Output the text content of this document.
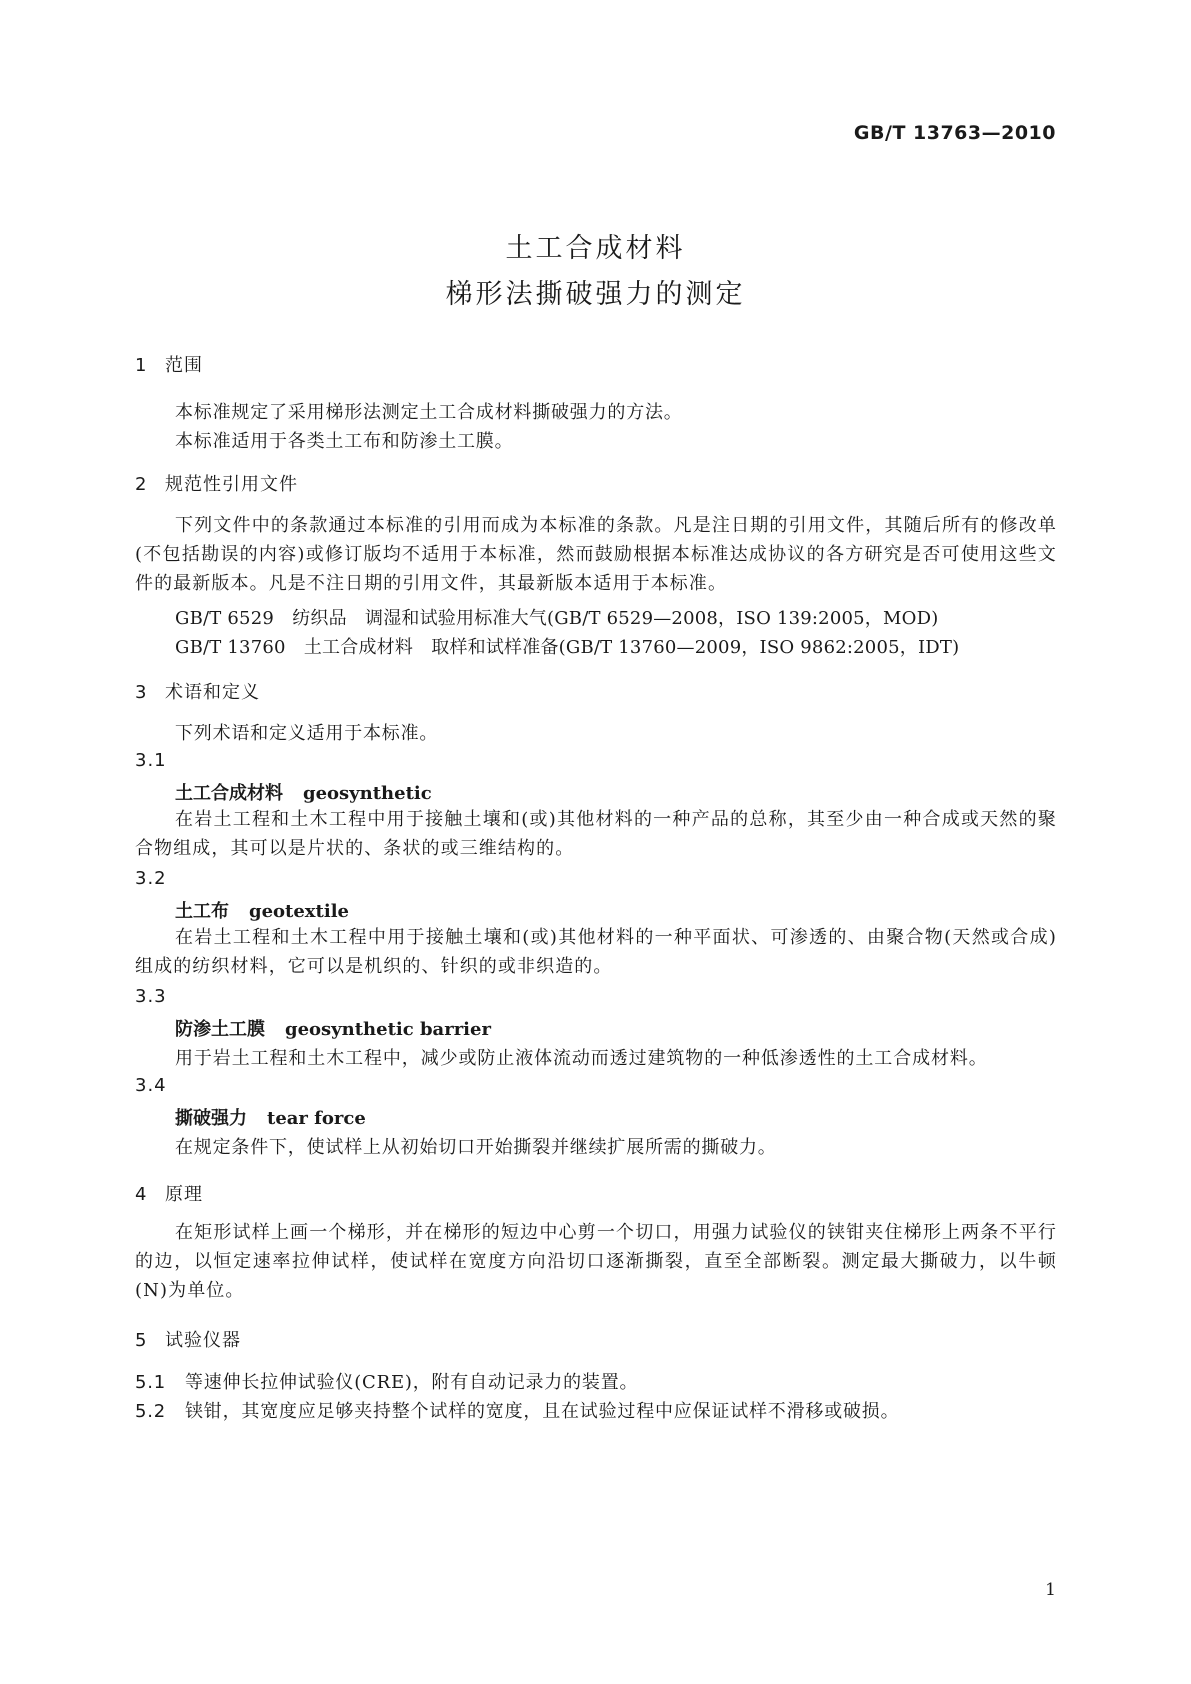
GB/T 13763—2010
土工合成材料
梯形法撕破强力的测定
1 范围
本标准规定了采用梯形法测定土工合成材料撕破强力的方法。
本标准适用于各类土工布和防渗土工膜。
2 规范性引用文件
下列文件中的条款通过本标准的引用而成为本标准的条款。凡是注日期的引用文件，其随后所有的修改单(不包括勘误的内容)或修订版均不适用于本标准，然而鼓励根据本标准达成协议的各方研究是否可使用这些文件的最新版本。凡是不注日期的引用文件，其最新版本适用于本标准。
GB/T 6529　纺织品　调湿和试验用标准大气(GB/T 6529—2008，ISO 139:2005，MOD)
GB/T 13760　土工合成材料　取样和试样准备(GB/T 13760—2009，ISO 9862:2005，IDT)
3 术语和定义
下列术语和定义适用于本标准。
3.1
土工合成材料 geosynthetic
在岩土工程和土木工程中用于接触土壤和(或)其他材料的一种产品的总称，其至少由一种合成或天然的聚合物组成，其可以是片状的、条状的或三维结构的。
3.2
土工布 geotextile
在岩土工程和土木工程中用于接触土壤和(或)其他材料的一种平面状、可渗透的、由聚合物(天然或合成)组成的纺织材料，它可以是机织的、针织的或非织造的。
3.3
防渗土工膜 geosynthetic barrier
用于岩土工程和土木工程中，减少或防止液体流动而透过建筑物的一种低渗透性的土工合成材料。
3.4
撕破强力 tear force
在规定条件下，使试样上从初始切口开始撕裂并继续扩展所需的撕破力。
4 原理
在矩形试样上画一个梯形，并在梯形的短边中心剪一个切口，用强力试验仪的铗钳夹住梯形上两条不平行的边，以恒定速率拉伸试样，使试样在宽度方向沿切口逐渐撕裂，直至全部断裂。测定最大撕破力，以牛顿(N)为单位。
5 试验仪器
5.1 等速伸长拉伸试验仪(CRE)，附有自动记录力的装置。
5.2 铗钳，其宽度应足够夹持整个试样的宽度，且在试验过程中应保证试样不滑移或破损。
1
